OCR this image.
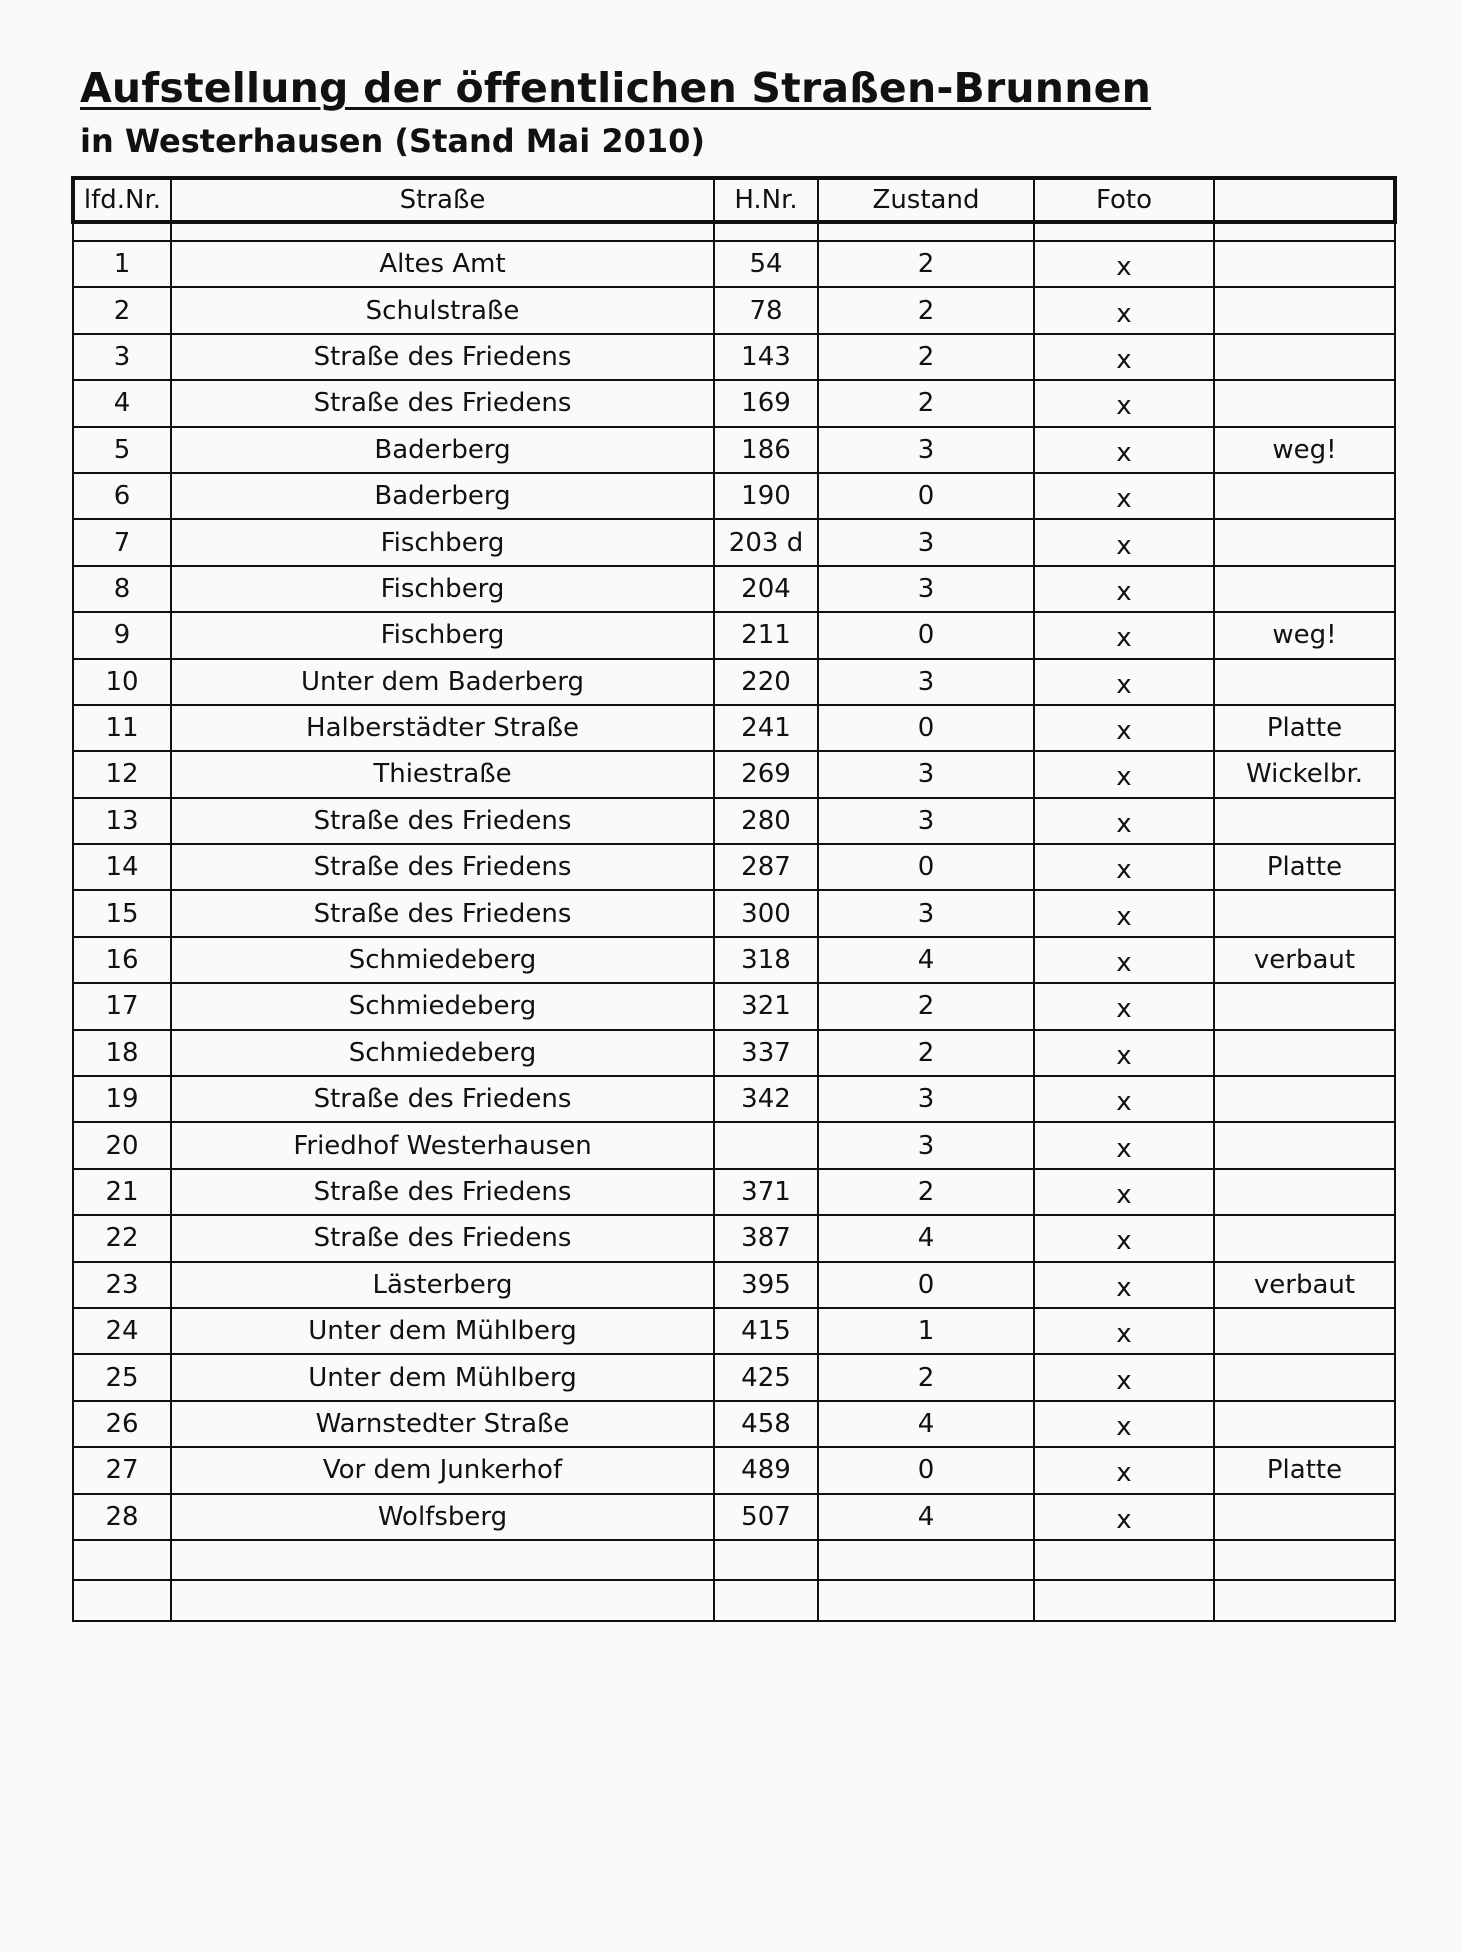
Aufstellung der öffentlichen Straßen-Brunnen
in Westerhausen (Stand Mai 2010)
lfd.Nr.	Straße	H.Nr.	Zustand	Foto	

1	Altes Amt	54	2	x	
2	Schulstraße	78	2	x	
3	Straße des Friedens	143	2	x	
4	Straße des Friedens	169	2	x	
5	Baderberg	186	3	x	weg!
6	Baderberg	190	0	x	
7	Fischberg	203 d	3	x	
8	Fischberg	204	3	x	
9	Fischberg	211	0	x	weg!
10	Unter dem Baderberg	220	3	x	
11	Halberstädter Straße	241	0	x	Platte
12	Thiestraße	269	3	x	Wickelbr.
13	Straße des Friedens	280	3	x	
14	Straße des Friedens	287	0	x	Platte
15	Straße des Friedens	300	3	x	
16	Schmiedeberg	318	4	x	verbaut
17	Schmiedeberg	321	2	x	
18	Schmiedeberg	337	2	x	
19	Straße des Friedens	342	3	x	
20	Friedhof Westerhausen		3	x	
21	Straße des Friedens	371	2	x	
22	Straße des Friedens	387	4	x	
23	Lästerberg	395	0	x	verbaut
24	Unter dem Mühlberg	415	1	x	
25	Unter dem Mühlberg	425	2	x	
26	Warnstedter Straße	458	4	x	
27	Vor dem Junkerhof	489	0	x	Platte
28	Wolfsberg	507	4	x	
